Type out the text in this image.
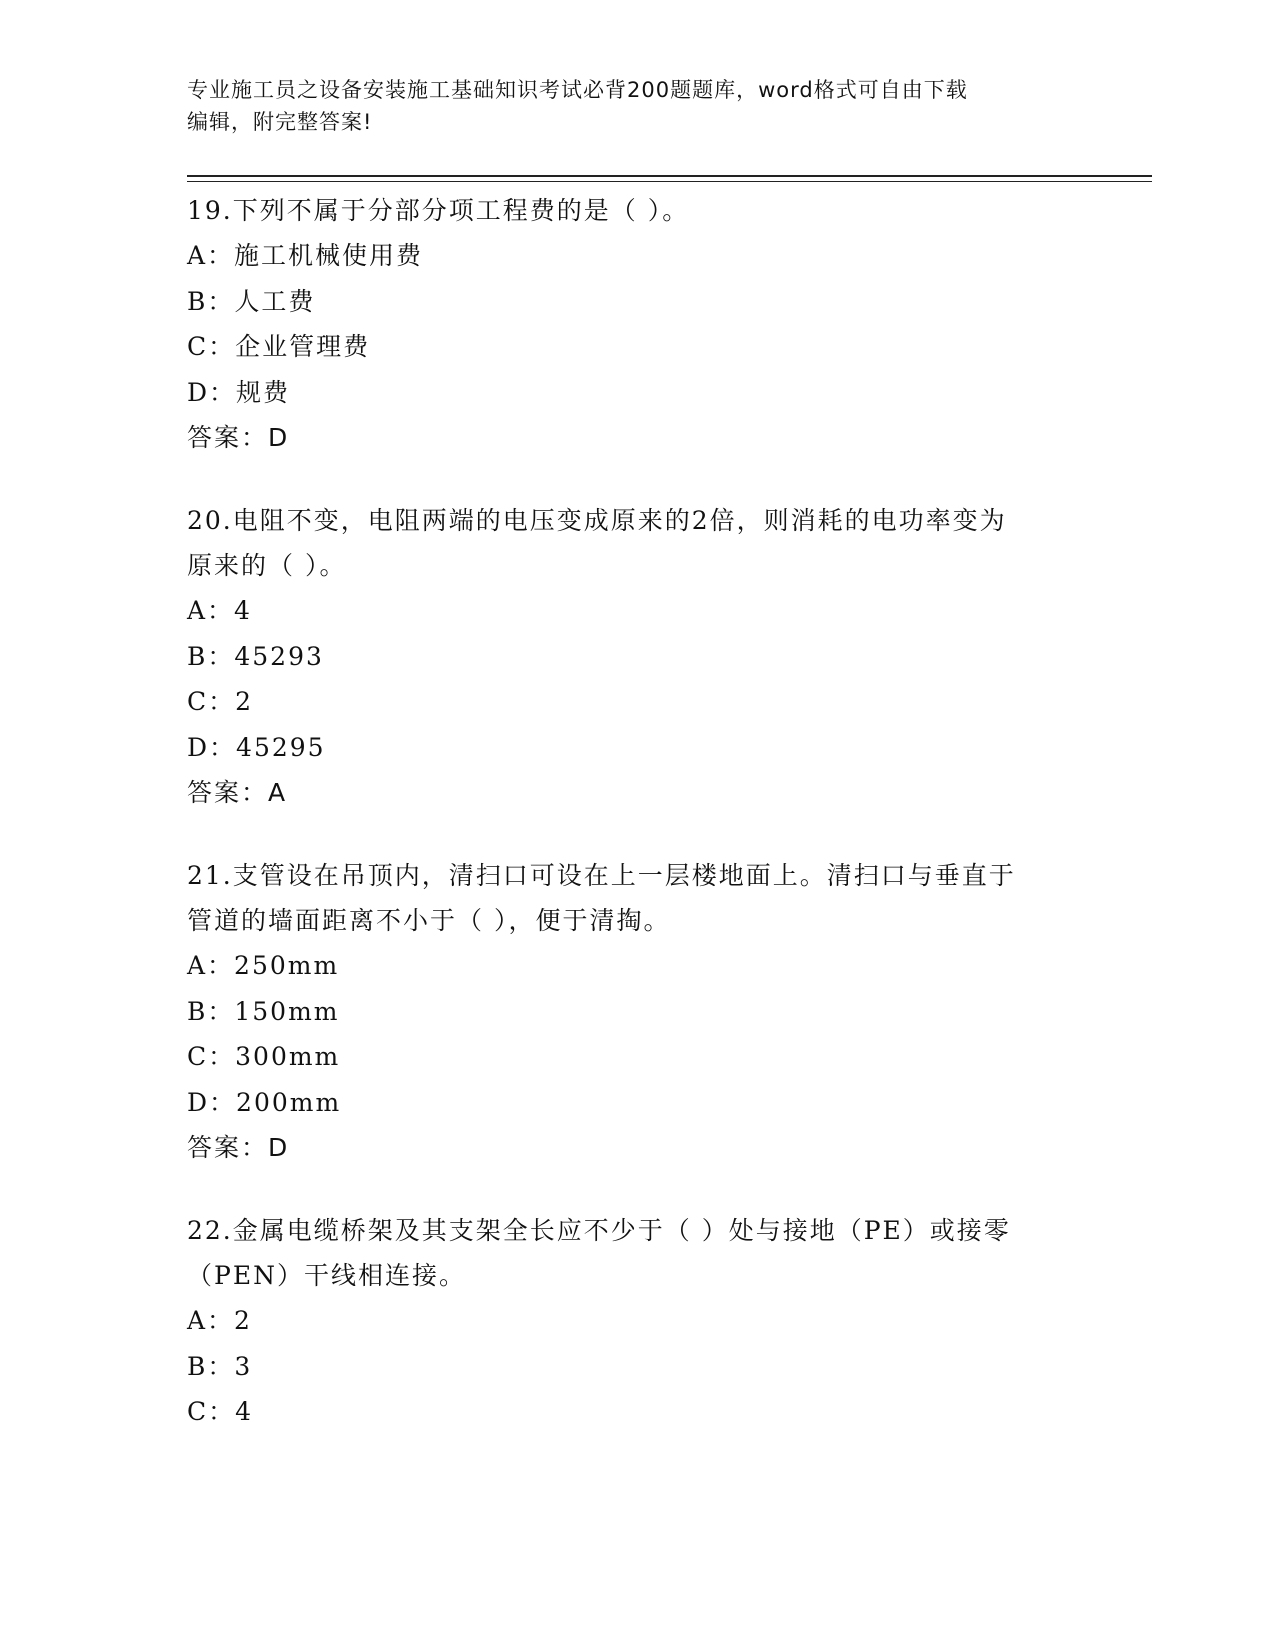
专业施工员之设备安装施工基础知识考试必背200题题库，word格式可自由下载
编辑，附完整答案!
19.下列不属于分部分项工程费的是（ ）。
A：施工机械使用费
B：人工费
C：企业管理费
D：规费
答案：D
20.电阻不变，电阻两端的电压变成原来的2倍，则消耗的电功率变为
原来的（ ）。
A：4
B：45293
C：2
D：45295
答案：A
21.支管设在吊顶内，清扫口可设在上一层楼地面上。清扫口与垂直于
管道的墙面距离不小于（ ），便于清掏。
A：250mm
B：150mm
C：300mm
D：200mm
答案：D
22.金属电缆桥架及其支架全长应不少于（ ）处与接地（PE）或接零
（PEN）干线相连接。
A：2
B：3
C：4
